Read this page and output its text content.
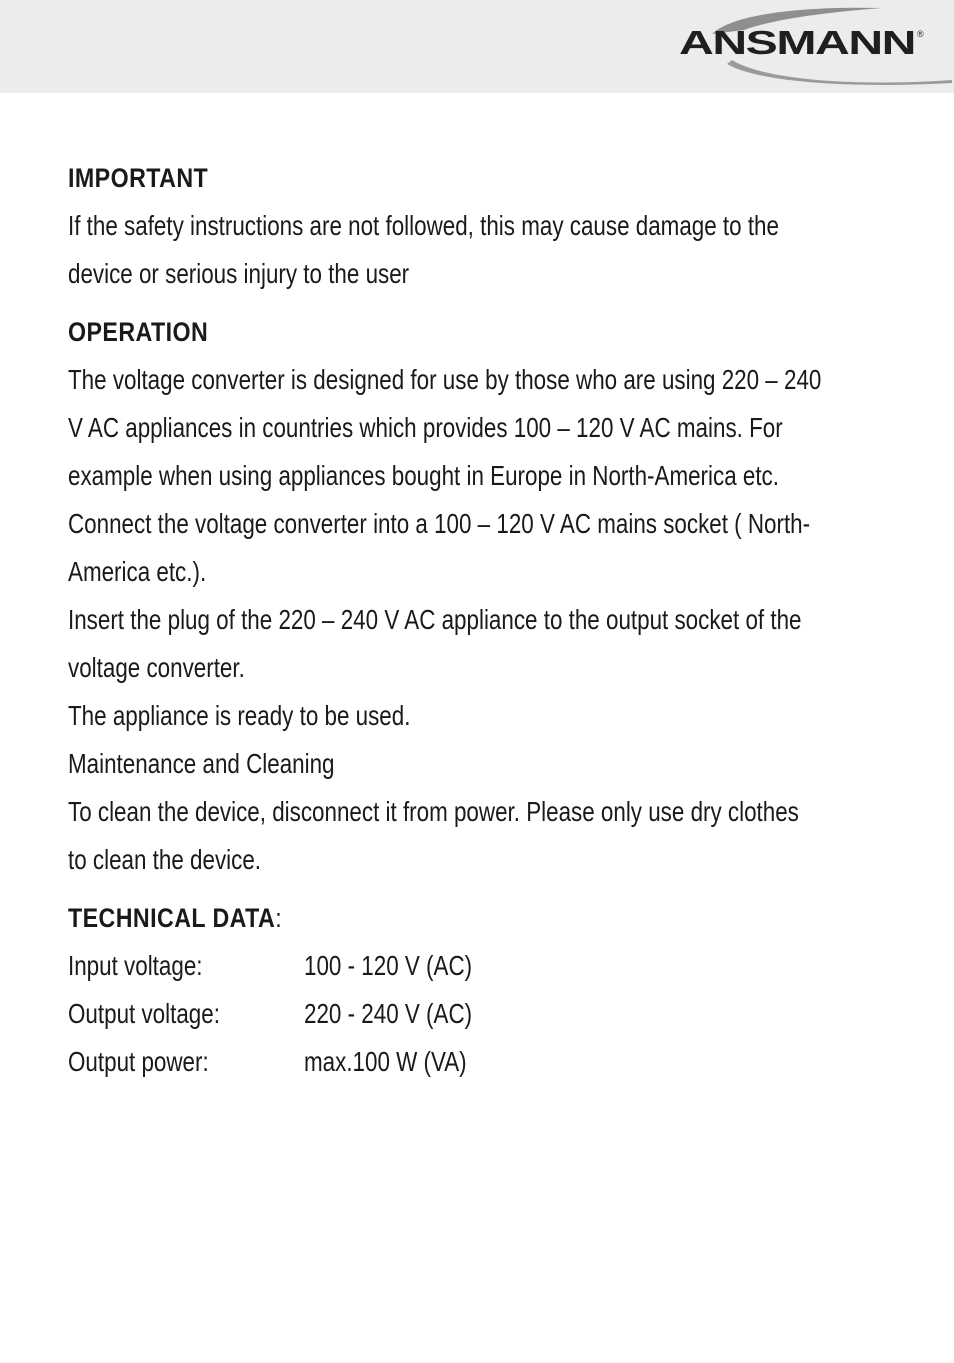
ANSMANN ®
IMPORTANT
If the safety instructions are not followed, this may cause damage to the
device or serious injury to the user
OPERATION
The voltage converter is designed for use by those who are using 220 – 240
V AC appliances in countries which provides 100 – 120 V AC mains. For
example when using appliances bought in Europe in North-America etc.
Connect the voltage converter into a 100 – 120 V AC mains socket ( North-
America etc.).
Insert the plug of the 220 – 240 V AC appliance to the output socket of the
voltage converter.
The appliance is ready to be used.
Maintenance and Cleaning
To clean the device, disconnect it from power. Please only use dry clothes
to clean the device.
TECHNICAL DATA:
Input voltage:	100 - 120 V (AC)
Output voltage:	220 - 240 V (AC)
Output power:	max.100 W (VA)
